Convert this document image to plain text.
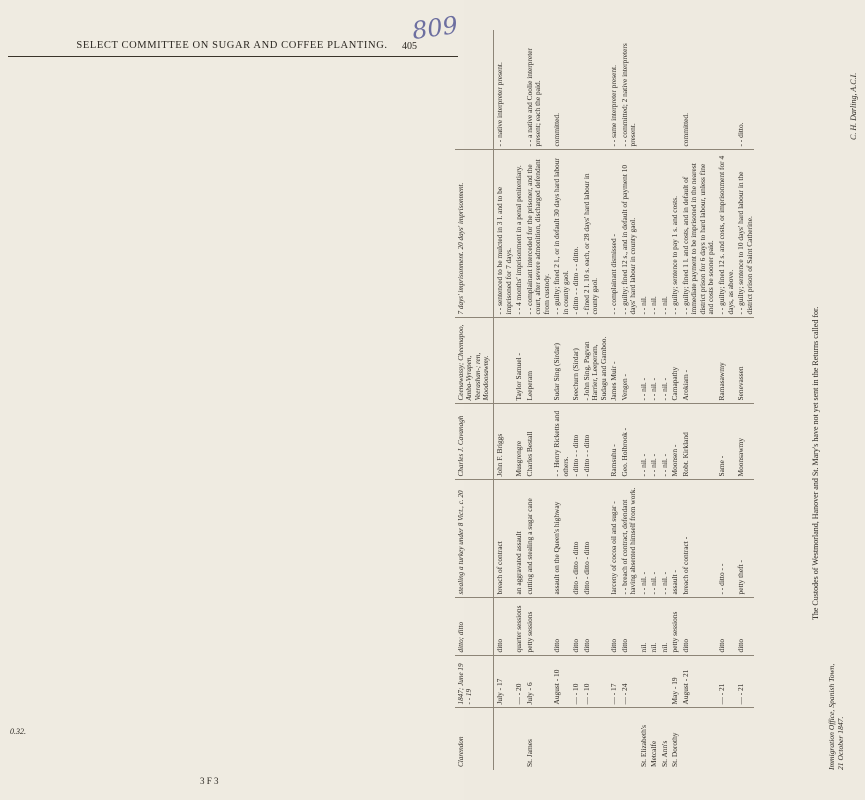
809
SELECT COMMITTEE ON SUGAR AND COFFEE PLANTING.	405
Clarendon	1847; June 19 - - 19	ditto; ditto	stealing a turkey under 8 Vict., c. 20	Charles J. Cavanagh	Ceenawassy; Cheemapoo, Amba-Vyrapen, Veerashan-; ren, Moodoosawmy.	7 days' imprisonment. 20 days' imprisonment.	
	July - 17	ditto	breach of contract	John F. Briggs		- - sentenced to be mulcted in 3 l. and to be imprisoned for 7 days.	- - native interpreter present.
	— - 20	quarter sessions	an aggravated assault	Musgrengre	Taylor Samuel -	- - 4 months' imprisonment in a penal penitentiary.	
St. James	July - 6	petty sessions	cutting and stealing a sugar cane	Charles Bestall	Leeperam	- - complainant interceded for the prisoner, and the court, after severe admonition, discharged defendant from custody.	- - a native and Coolie interpreter present; each the paid.
	August - 10	ditto	assault on the Queen's highway	- - Henry Ricketts and others.	Sudar Sing (Sirdar)	- - guilty; fined 2 l., or in default 30 days hard labour in county gaol.	committed.
	— - 10	ditto	ditto - ditto - ditto	- ditto - - ditto	Seechurn (Sirdar)	- ditto - - ditto - - ditto.	
	— - 10	ditto	ditto - ditto - ditto	- ditto - - ditto	- John Sing, Pagvan Harrier, Leeperam, Sudagu and Gamboo.	- fined 2 l. 10 s. each, or 28 days' hard labour in county gaol.	
	— - 17	ditto	larceny of cocoa oil and sugar -	Ramsuhu -	James Muir -	- - complainant dismissed -	- - same interpreter present.
	— - 24	ditto	- - breach of contract, defendant having absented himself from work.	Geo. Holbrook -	Vengen -	- - guilty; fined 12 s., and in default of payment 10 days' hard labour in county gaol.	- - committed; 2 native interpreters present.
St. Elizabeth's		nil.	- - nil. -	- - nil. -	- - nil. -	- - nil.	
Metcalfe		nil.	- - nil. -	- - nil. -	- - nil. -	- - nil.	
St. Ann's		nil.	- - nil. -	- - nil. -	- - nil. -	- - nil.	
St. Dorothy	May - 19	petty sessions	assault -	Moonsen -	Camapathy	- - guilty; sentence to pay 1 s. and costs.	
	August - 21	ditto	breach of contract -	Robt. Kirkland	Arokiam -	- - guilty; fined 1 l. and costs, and in default of immediate payment to be imprisoned in the nearest district prison for 6 days to hard labour, unless fine and costs be sooner paid.	committed.
	— - 21	ditto	- - ditto - -	Same -	Ramasawmy	- - guilty; fined 12 s. and costs, or imprisonment for 4 days, as above.	
	— - 21	ditto	petty theft -	Moonsawmy	Senevassen	- - guilty; sentence to 10 days' hard labour in the district prison of Saint Catherine.	- - ditto.
Immigration Office, Spanish Town, 21 October 1847.
The Custodes of Westmorland, Hanover and St. Mary's have not yet sent in the Returns called for.
C. H. Darling, A.C.I.
0.32.
3 F 3
